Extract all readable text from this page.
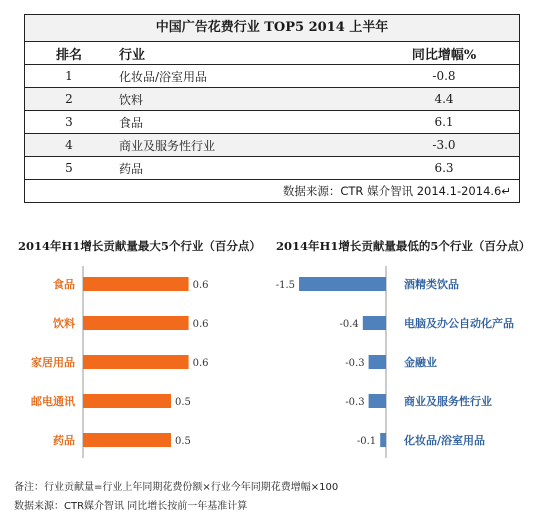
中国广告花费行业 TOP5 2014 上半年
排名	行业	同比增幅%
1	化妆品/浴室用品	-0.8
2	饮料	4.4
3	食品	6.1
4	商业及服务性行业	-3.0
5	药品	6.3
数据来源：CTR 媒介智讯 2014.1-2014.6↵
2014年H1增长贡献量最大5个行业（百分点） 2014年H1增长贡献量最低的5个行业（百分点）
食品	0.6
饮料	0.6
家居用品	0.6
邮电通讯	0.5
药品	0.5
-1.5	酒精类饮品
-0.4	电脑及办公自动化产品
-0.3	金融业
-0.3	商业及服务性行业
-0.1	化妆品/浴室用品
备注：行业贡献量=行业上年同期花费份额×行业今年同期花费增幅×100
数据来源：CTR媒介智讯 同比增长按前一年基准计算
